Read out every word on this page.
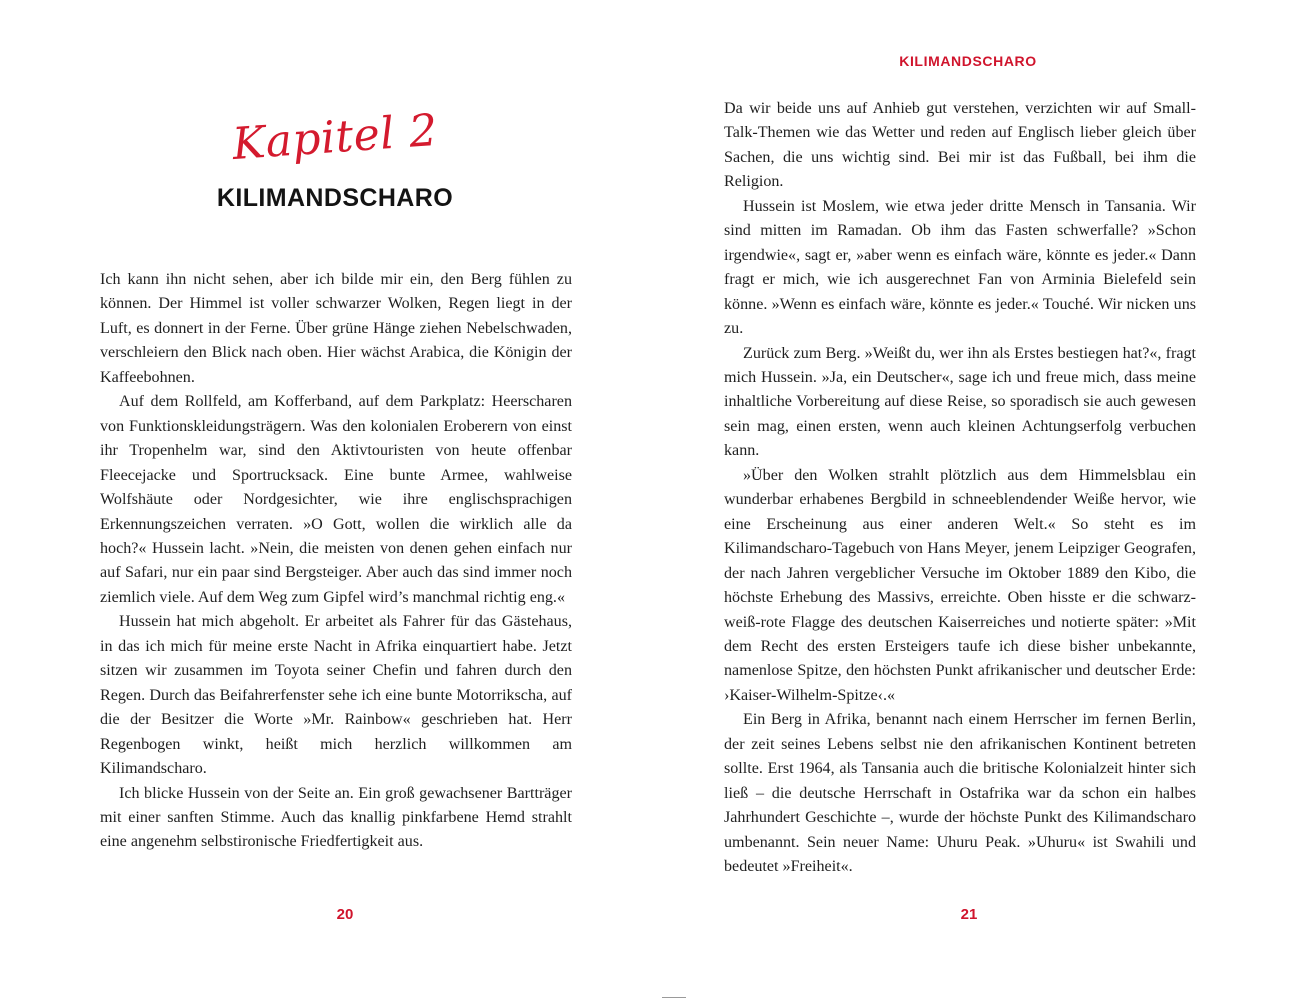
Kapitel 2
KILIMANDSCHARO

Ich kann ihn nicht sehen, aber ich bilde mir ein, den Berg fühlen zu können. Der Himmel ist voller schwarzer Wolken, Regen liegt in der Luft, es donnert in der Ferne. Über grüne Hänge ziehen Nebelschwaden, verschleiern den Blick nach oben. Hier wächst Arabica, die Königin der Kaffeebohnen.

Auf dem Rollfeld, am Kofferband, auf dem Parkplatz: Heerscharen von Funktionskleidungsträgern. Was den kolonialen Eroberern von einst ihr Tropenhelm war, sind den Aktivtouristen von heute offenbar Fleecejacke und Sportrucksack. Eine bunte Armee, wahlweise Wolfshäute oder Nordgesichter, wie ihre englischsprachigen Erkennungszeichen verraten. »O Gott, wollen die wirklich alle da hoch?« Hussein lacht. »Nein, die meisten von denen gehen einfach nur auf Safari, nur ein paar sind Bergsteiger. Aber auch das sind immer noch ziemlich viele. Auf dem Weg zum Gipfel wird’s manchmal richtig eng.«

Hussein hat mich abgeholt. Er arbeitet als Fahrer für das Gästehaus, in das ich mich für meine erste Nacht in Afrika einquartiert habe. Jetzt sitzen wir zusammen im Toyota seiner Chefin und fahren durch den Regen. Durch das Beifahrerfenster sehe ich eine bunte Motorrikscha, auf die der Besitzer die Worte »Mr. Rainbow« geschrieben hat. Herr Regenbogen winkt, heißt mich herzlich willkommen am Kilimandscharo.

Ich blicke Hussein von der Seite an. Ein groß gewachsener Bartträger mit einer sanften Stimme. Auch das knallig pinkfarbene Hemd strahlt eine angenehm selbstironische Friedfertigkeit aus.

20
KILIMANDSCHARO

Da wir beide uns auf Anhieb gut verstehen, verzichten wir auf Small-Talk-Themen wie das Wetter und reden auf Englisch lieber gleich über Sachen, die uns wichtig sind. Bei mir ist das Fußball, bei ihm die Religion.

Hussein ist Moslem, wie etwa jeder dritte Mensch in Tansania. Wir sind mitten im Ramadan. Ob ihm das Fasten schwerfalle? »Schon irgendwie«, sagt er, »aber wenn es einfach wäre, könnte es jeder.« Dann fragt er mich, wie ich ausgerechnet Fan von Arminia Bielefeld sein könne. »Wenn es einfach wäre, könnte es jeder.« Touché. Wir nicken uns zu.

Zurück zum Berg. »Weißt du, wer ihn als Erstes bestiegen hat?«, fragt mich Hussein. »Ja, ein Deutscher«, sage ich und freue mich, dass meine inhaltliche Vorbereitung auf diese Reise, so sporadisch sie auch gewesen sein mag, einen ersten, wenn auch kleinen Achtungserfolg verbuchen kann.

»Über den Wolken strahlt plötzlich aus dem Himmelsblau ein wunderbar erhabenes Bergbild in schneeblendender Weiße hervor, wie eine Erscheinung aus einer anderen Welt.« So steht es im Kilimandscharo-Tagebuch von Hans Meyer, jenem Leipziger Geografen, der nach Jahren vergeblicher Versuche im Oktober 1889 den Kibo, die höchste Erhebung des Massivs, erreichte. Oben hisste er die schwarz-weiß-rote Flagge des deutschen Kaiserreiches und notierte später: »Mit dem Recht des ersten Ersteigers taufe ich diese bisher unbekannte, namenlose Spitze, den höchsten Punkt afrikanischer und deutscher Erde: ›Kaiser-Wilhelm-Spitze‹.«

Ein Berg in Afrika, benannt nach einem Herrscher im fernen Berlin, der zeit seines Lebens selbst nie den afrikanischen Kontinent betreten sollte. Erst 1964, als Tansania auch die britische Kolonialzeit hinter sich ließ – die deutsche Herrschaft in Ostafrika war da schon ein halbes Jahrhundert Geschichte –, wurde der höchste Punkt des Kilimandscharo umbenannt. Sein neuer Name: Uhuru Peak. »Uhuru« ist Swahili und bedeutet »Freiheit«.

21
